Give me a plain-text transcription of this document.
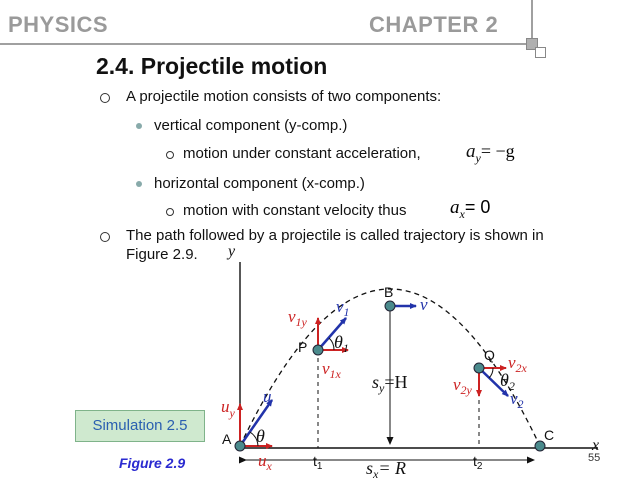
PHYSICS	CHAPTER 2
2.4. Projectile motion
A projectile motion consists of two components:
vertical component (y-comp.)
motion under constant acceleration, $a_y= -g$
horizontal component (x-comp.)
motion with constant velocity thus $a_x= 0$
The path followed by a projectile is called trajectory is shown in
Figure 2.9.
A
B
C
P	Q
y
x
$t_1$	$t_2$
$s_y=H$
$s_x= R$
v
$v_1$
$v_{1y}$
$v_{1x}$
$\theta_1$
$v_{2x}$
$v_{2y}$ $\theta_2$
$v_2$
u
$u_y$
$u_x$
θ
Simulation 2.5
Figure 2.9	55
